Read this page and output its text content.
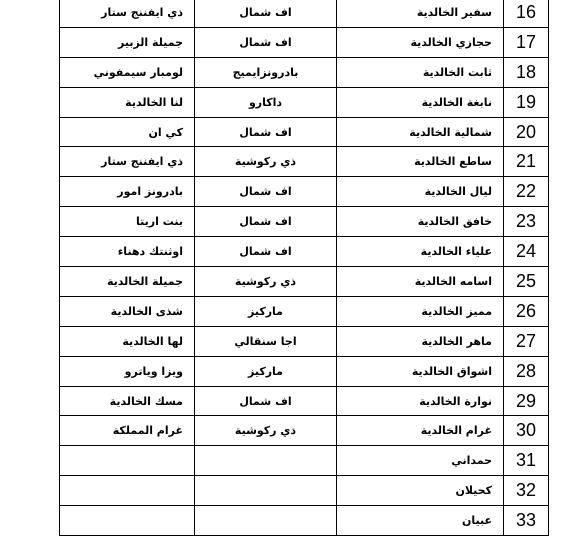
ذي ايفننج ستار	اف شمال	سفير الخالدية	16
جميلة الزبير	اف شمال	حجازي الخالدية	17
لومبار سيمفوني	بادرونزايميج	ثابت الخالدية	18
لنا الخالدية	داكارو	نابغة الخالدية	19
كي ان	اف شمال	شمالية الخالدية	20
ذي ايفننج ستار	ذي ركوشية	ساطع الخالدية	21
بادرونز امور	اف شمال	ليال الخالدية	22
بنت اريتا	اف شمال	خافق الخالدية	23
اوثنتك دهناء	اف شمال	علياء الخالدية	24
جميلة الخالدية	ذي ركوشية	اسامه الخالدية	25
شذى الخالدية	ماركيز	مميز الخالدية	26
لها الخالدية	اجا سنقالي	ماهر الخالدية	27
ويزا وياترو	ماركيز	اشواق الخالدية	28
مسك الخالدية	اف شمال	نوارة الخالدية	29
غرام المملكة	ذي ركوشية	غرام الخالدية	30
		حمداني	31
		كحيلان	32
		عبيان	33
